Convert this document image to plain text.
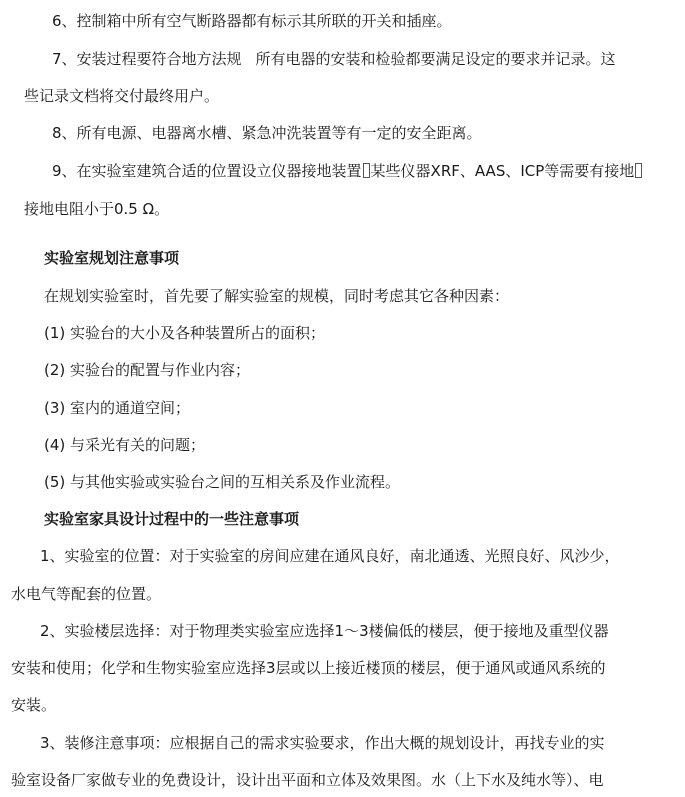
6、控制箱中所有空气断路器都有标示其所联的开关和插座。
7、安装过程要符合地方法规 所有电器的安装和检验都要满足设定的要求并记录。这
些记录文档将交付最终用户。
8、所有电源、电器离水槽、紧急冲洗装置等有一定的安全距离。
9、在实验室建筑合适的位置设立仪器接地装置 某些仪器XRF、AAS、ICP等需要有接地
接地电阻小于0.5 Ω。
实验室规划注意事项
在规划实验室时，首先要了解实验室的规模，同时考虑其它各种因素：
(1) 实验台的大小及各种装置所占的面积；
(2) 实验台的配置与作业内容；
(3) 室内的通道空间；
(4) 与采光有关的问题；
(5) 与其他实验或实验台之间的互相关系及作业流程。
实验室家具设计过程中的一些注意事项
1、实验室的位置：对于实验室的房间应建在通风良好，南北通透、光照良好、风沙少，
水电气等配套的位置。
2、实验楼层选择：对于物理类实验室应选择1～3楼偏低的楼层，便于接地及重型仪器
安装和使用；化学和生物实验室应选择3层或以上接近楼顶的楼层，便于通风或通风系统的
安装。
3、装修注意事项：应根据自己的需求实验要求，作出大概的规划设计，再找专业的实
验室设备厂家做专业的免费设计，设计出平面和立体及效果图。水（上下水及纯水等）、电
